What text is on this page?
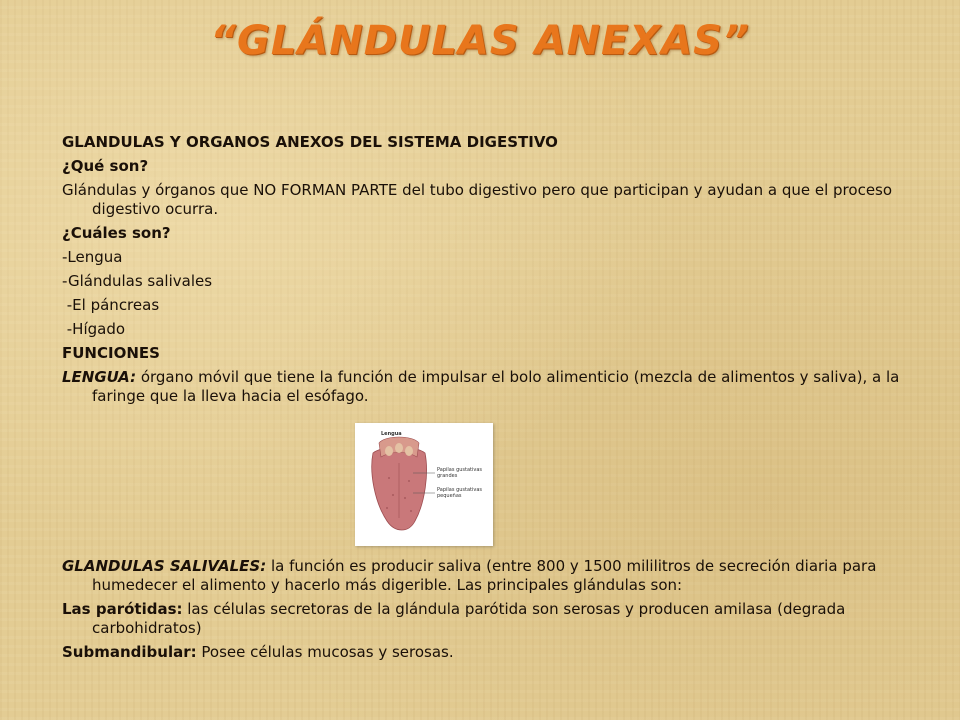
“GLÁNDULAS ANEXAS”

GLANDULAS Y ORGANOS ANEXOS DEL SISTEMA DIGESTIVO

¿Qué son?

Glándulas y órganos que NO FORMAN PARTE del tubo digestivo pero que participan y ayudan a que el proceso digestivo ocurra.

¿Cuáles son?

-Lengua

-Glándulas salivales

-El páncreas

-Hígado

FUNCIONES

LENGUA: órgano móvil que tiene la función de impulsar el bolo alimenticio (mezcla de alimentos y saliva), a la faringe que la lleva hacia el esófago.

Lengua
Papilas gustativas grandes
Papilas gustativas pequeñas

GLANDULAS SALIVALES: la función es producir saliva (entre 800 y 1500 mililitros de secreción diaria para humedecer el alimento y hacerlo más digerible. Las principales glándulas son:

Las parótidas: las células secretoras de la glándula parótida son serosas y producen amilasa (degrada carbohidratos)

Submandibular: Posee células mucosas y serosas.
